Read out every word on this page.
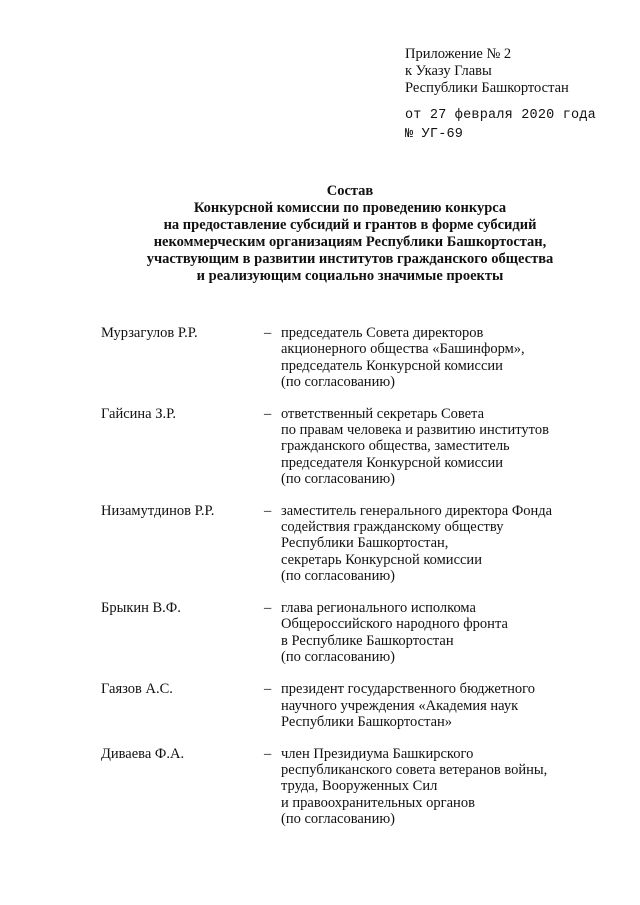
Приложение № 2
к Указу Главы
Республики Башкортостан
от 27 февраля 2020 года
№ УГ-69
Состав
Конкурсной комиссии по проведению конкурса
на предоставление субсидий и грантов в форме субсидий
некоммерческим организациям Республики Башкортостан,
участвующим в развитии институтов гражданского общества
и реализующим социально значимые проекты
Мурзагулов Р.Р.	– председатель Совета директоров
акционерного общества «Башинформ»,
председатель Конкурсной комиссии
(по согласованию)
Гайсина З.Р.	– ответственный секретарь Совета
по правам человека и развитию институтов
гражданского общества, заместитель
председателя Конкурсной комиссии
(по согласованию)
Низамутдинов Р.Р.	– заместитель генерального директора Фонда
содействия гражданскому обществу
Республики Башкортостан,
секретарь Конкурсной комиссии
(по согласованию)
Брыкин В.Ф.	– глава регионального исполкома
Общероссийского народного фронта
в Республике Башкортостан
(по согласованию)
Гаязов А.С.	– президент государственного бюджетного
научного учреждения «Академия наук
Республики Башкортостан»
Диваева Ф.А.	– член Президиума Башкирского
республиканского совета ветеранов войны,
труда, Вооруженных Сил
и правоохранительных органов
(по согласованию)
